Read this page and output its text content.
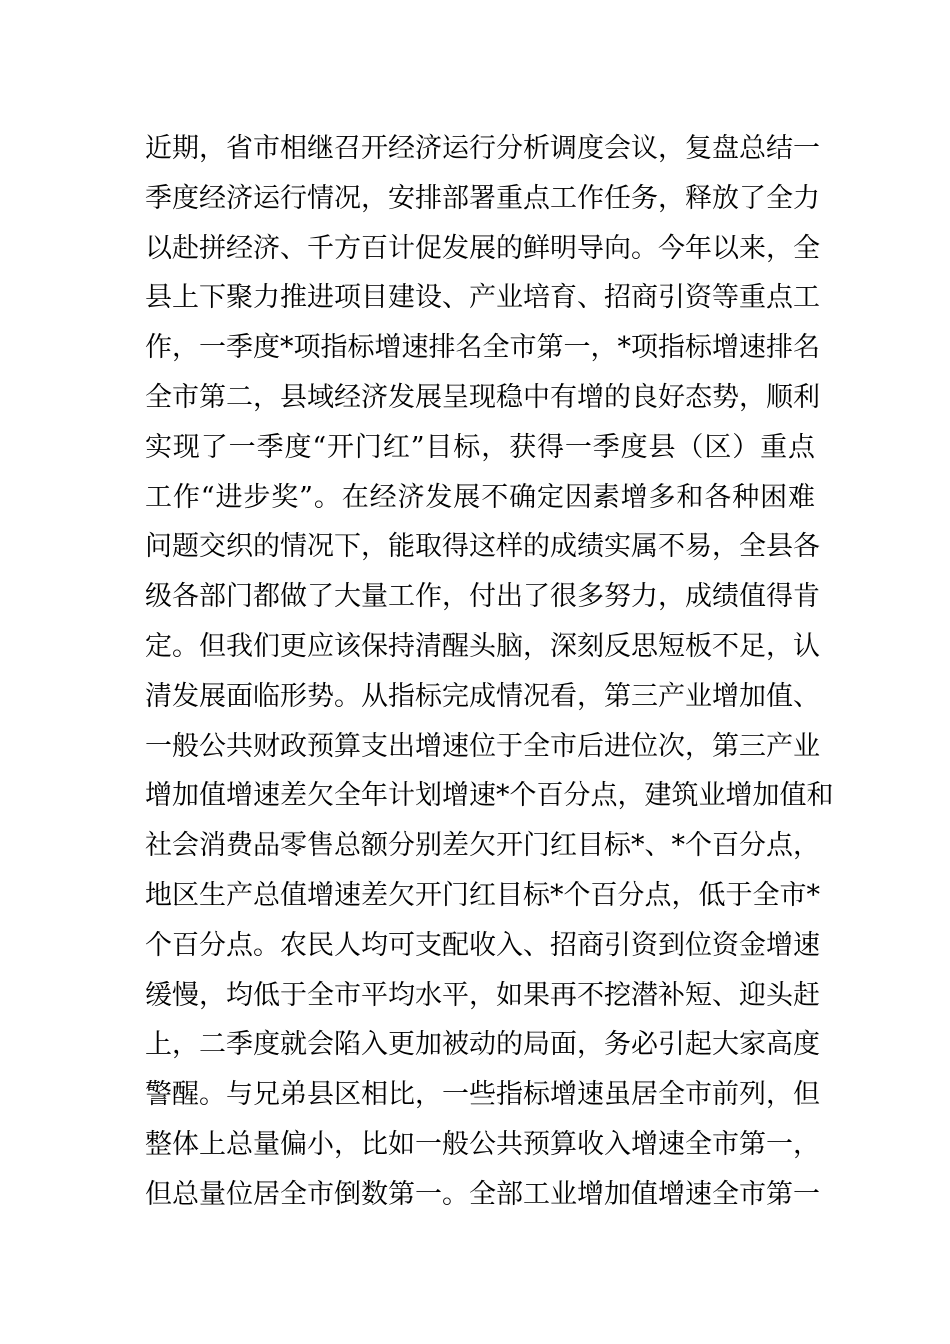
近期，省市相继召开经济运行分析调度会议，复盘总结一
季度经济运行情况，安排部署重点工作任务，释放了全力
以赴拼经济、千方百计促发展的鲜明导向。今年以来，全
县上下聚力推进项目建设、产业培育、招商引资等重点工
作，一季度*项指标增速排名全市第一，*项指标增速排名
全市第二，县域经济发展呈现稳中有增的良好态势，顺利
实现了一季度“开门红”目标，获得一季度县（区）重点
工作“进步奖”。在经济发展不确定因素增多和各种困难
问题交织的情况下，能取得这样的成绩实属不易，全县各
级各部门都做了大量工作，付出了很多努力，成绩值得肯
定。但我们更应该保持清醒头脑，深刻反思短板不足，认
清发展面临形势。从指标完成情况看，第三产业增加值、
一般公共财政预算支出增速位于全市后进位次，第三产业
增加值增速差欠全年计划增速*个百分点，建筑业增加值和
社会消费品零售总额分别差欠开门红目标*、*个百分点，
地区生产总值增速差欠开门红目标*个百分点，低于全市*
个百分点。农民人均可支配收入、招商引资到位资金增速
缓慢，均低于全市平均水平，如果再不挖潜补短、迎头赶
上，二季度就会陷入更加被动的局面，务必引起大家高度
警醒。与兄弟县区相比，一些指标增速虽居全市前列，但
整体上总量偏小，比如一般公共预算收入增速全市第一，
但总量位居全市倒数第一。全部工业增加值增速全市第一
